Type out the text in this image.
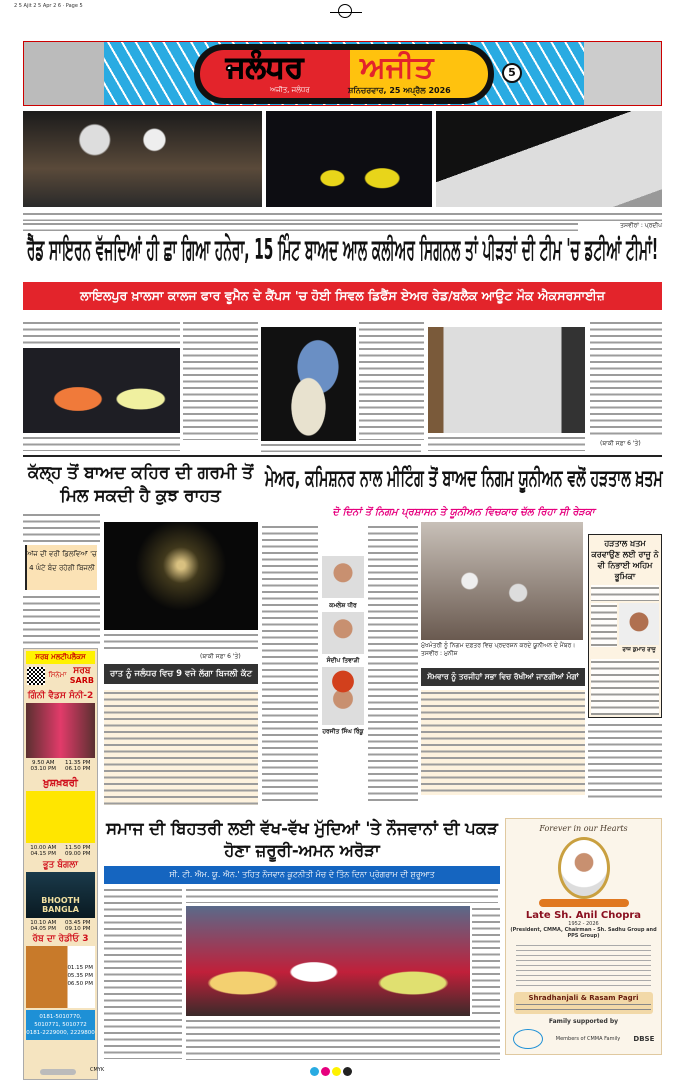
2 5 Ajit 2 5 Apr 2 6 · Page 5
ਜਲੰਧਰ ਅਜੀਤ
ਅਜੀਤ, ਜਲੰਧਰ	ਸ਼ਨਿਚਰਵਾਰ, 25 ਅਪ੍ਰੈਲ 2026
5
ਤਸਵੀਰਾਂ : ਪ੍ਰਦੀਪ
ਰੈੱਡ ਸਾਇਰਨ ਵੱਜਦਿਆਂ ਹੀ ਛਾ ਗਿਆ ਹਨੇਰਾ, 15 ਮਿੰਟ ਬਾਅਦ ਆਲ ਕਲੀਅਰ ਸਿਗਨਲ ਤਾਂ ਪੀੜਤਾਂ ਦੀ ਟੀਮ 'ਚ ਡਟੀਆਂ ਟੀਮਾਂ!
ਲਾਇਲਪੁਰ ਖ਼ਾਲਸਾ ਕਾਲਜ ਫਾਰ ਵੂਮੈਨ ਦੇ ਕੈਂਪਸ 'ਚ ਹੋਈ ਸਿਵਲ ਡਿਫੈਂਸ ਏਅਰ ਰੇਡ/ਬਲੈਕ ਆਊਟ ਮੌਕ ਐਕਸਰਸਾਈਜ਼
(ਬਾਕੀ ਸਫ਼ਾ 6 'ਤੇ)
ਕੱਲ੍ਹ ਤੋਂ ਬਾਅਦ ਕਹਿਰ ਦੀ ਗਰਮੀ ਤੋਂ ਮਿਲ ਸਕਦੀ ਹੈ ਕੁਝ ਰਾਹਤ
ਅੱਜ ਦੀ ਵਰੀ ਡਿਲਵਿਆਂ 'ਚ 4 ਘੰਟੇ ਬੰਦ ਰਹੇਗੀ ਬਿਜਲੀ
(ਬਾਕੀ ਸਫ਼ਾ 6 'ਤੇ)
ਰਾਤ ਨੂੰ ਜਲੰਧਰ ਵਿਚ 9 ਵਜੇ ਲੱਗਾ ਬਿਜਲੀ ਕੱਟ
ਸਰਬ ਮਲਟੀਪਲੈਕਸ
ਸਿਨੇਮਾ ਸਰਬ
SARB
ਗਿੰਨੀ ਵੈਡਸ ਸੰਨੀ-2
9.50 AM	11.35 PM
03.10 PM	06.10 PM
ਖ਼ੁਸ਼ਖ਼ਬਰੀ
10.00 AM	11.50 PM
04.15 PM	09.00 PM
ਭੂਤ ਬੰਗਲਾ
BHOOTH BANGLA
10.10 AM	03.45 PM
04.05 PM	09.10 PM
ਰੱਬ ਦਾ ਰੇਡੀਓ 3
01.15 PM
05.35 PM
06.50 PM
0181-5010770,
5010771, 5010772
0181-2229000, 2229800
ਮੇਅਰ, ਕਮਿਸ਼ਨਰ ਨਾਲ ਮੀਟਿੰਗ ਤੋਂ ਬਾਅਦ ਨਿਗਮ ਯੂਨੀਅਨ ਵਲੋਂ ਹੜਤਾਲ ਖ਼ਤਮ
ਦੋ ਦਿਨਾਂ ਤੋਂ ਨਿਗਮ ਪ੍ਰਸ਼ਾਸਨ ਤੇ ਯੂਨੀਅਨ ਵਿਚਕਾਰ ਚੱਲ ਰਿਹਾ ਸੀ ਰੇੜਕਾ
ਕਮਲੇਸ਼ ਧੀਰ
ਸੰਦੀਪ ਤਿਵਾੜੀ
ਹਰਜੀਤ ਸਿੰਘ ਰਿੰਕੂ
ਮੁੱਖਮੰਤਰੀ ਨੂੰ ਨਿਗਮ ਦਫ਼ਤਰ ਵਿਚ ਪ੍ਰਦਰਸ਼ਨ ਕਰਦੇ ਯੂਨੀਅਨ ਦੇ ਮੈਂਬਰ। ਤਸਵੀਰ : ਮੁਨੀਸ਼
ਸੋਮਵਾਰ ਨੂੰ ਤਰਜੀਹਾਂ ਸਭਾ ਵਿਚ ਰੱਖੀਆਂ ਜਾਣਗੀਆਂ ਮੰਗਾਂ
ਹੜਤਾਲ ਖ਼ਤਮ ਕਰਵਾਉਣ ਲਈ ਰਾਜੂ ਨੇ ਵੀ ਨਿਭਾਈ ਅਹਿਮ ਭੂਮਿਕਾ
ਰਾਜ ਕੁਮਾਰ ਰਾਜੂ
ਸਮਾਜ ਦੀ ਬਿਹਤਰੀ ਲਈ ਵੱਖ-ਵੱਖ ਮੁੱਦਿਆਂ 'ਤੇ ਨੌਜਵਾਨਾਂ ਦੀ ਪਕੜ ਹੋਣਾ ਜ਼ਰੂਰੀ-ਅਮਨ ਅਰੋੜਾ
ਸੀ. ਟੀ. ਐਮ. ਯੂ. ਐਨ.' ਤਹਿਤ ਨੌਜਵਾਨ ਕੂਟਨੀਤੀ ਮੰਚ ਦੇ ਤਿੰਨ ਦਿਨਾ ਪ੍ਰੋਗਰਾਮ ਦੀ ਸ਼ੁਰੂਆਤ
Forever in our Hearts
Late Sh. Anil Chopra
1952 - 2026
(President, CMMA, Chairman - Sh. Sadhu Group and PPS Group)
Shradhanjali & Rasam Pagri
Family supported by
Members of CMMA Family DBSE
CMYK
